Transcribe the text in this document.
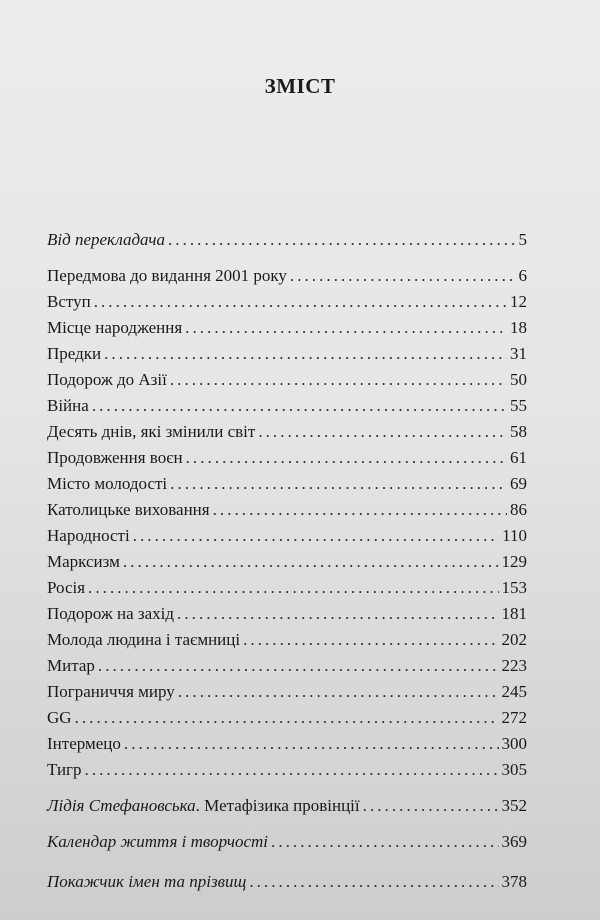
ЗМІСТ
Від перекладача . . .	5
Передмова до видання 2001 року . . .	6
Вступ . . .	12
Місце народження . . .	18
Предки . . .	31
Подорож до Азії . . .	50
Війна . . .	55
Десять днів, які змінили світ . . .	58
Продовження воєн . . .	61
Місто молодості . . .	69
Католицьке виховання . . .	86
Народності . . .	110
Марксизм . . .	129
Росія . . .	153
Подорож на захід . . .	181
Молода людина і таємниці . . .	202
Митар . . .	223
Пограниччя миру . . .	245
GG . . .	272
Інтермецо . . .	300
Тигр . . .	305
Лідія Стефановська. Метафізика провінції . . .	352
Календар життя і творчості . . .	369
Покажчик імен та прізвищ . . .	378
